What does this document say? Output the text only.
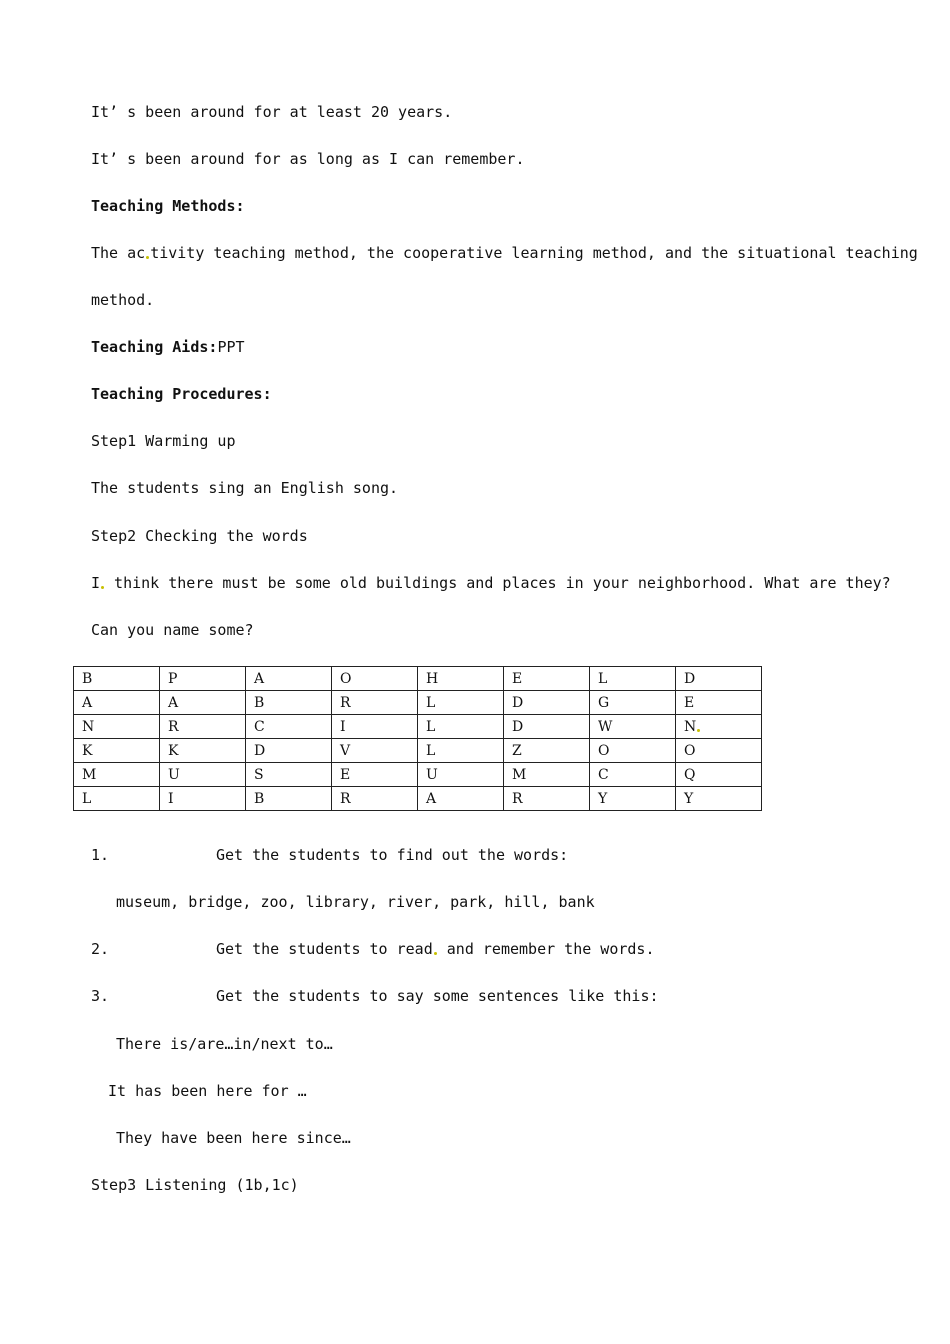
It’ s been around for at least 20 years.
It’ s been around for as long as I can remember.
Teaching Methods:
The ac tivity teaching method, the cooperative learning method, and the situational teaching
method.
Teaching Aids:PPT
Teaching Procedures:
Step1 Warming up
The students sing an English song.
Step2 Checking the words
I think there must be some old buildings and places in your neighborhood. What are they?
Can you name some?
B	P	A	O	H	E	L	D
A	A	B	R	L	D	G	E
N	R	C	I	L	D	W	N
K	K	D	V	L	Z	O	O
M	U	S	E	U	M	C	Q
L	I	B	R	A	R	Y	Y
1.	Get the students to find out the words:
museum, bridge, zoo, library, river, park, hill, bank
2.	Get the students to read and remember the words.
3.	Get the students to say some sentences like this:
There is/are…in/next to…
It has been here for …
They have been here since…
Step3 Listening (1b,1c)
